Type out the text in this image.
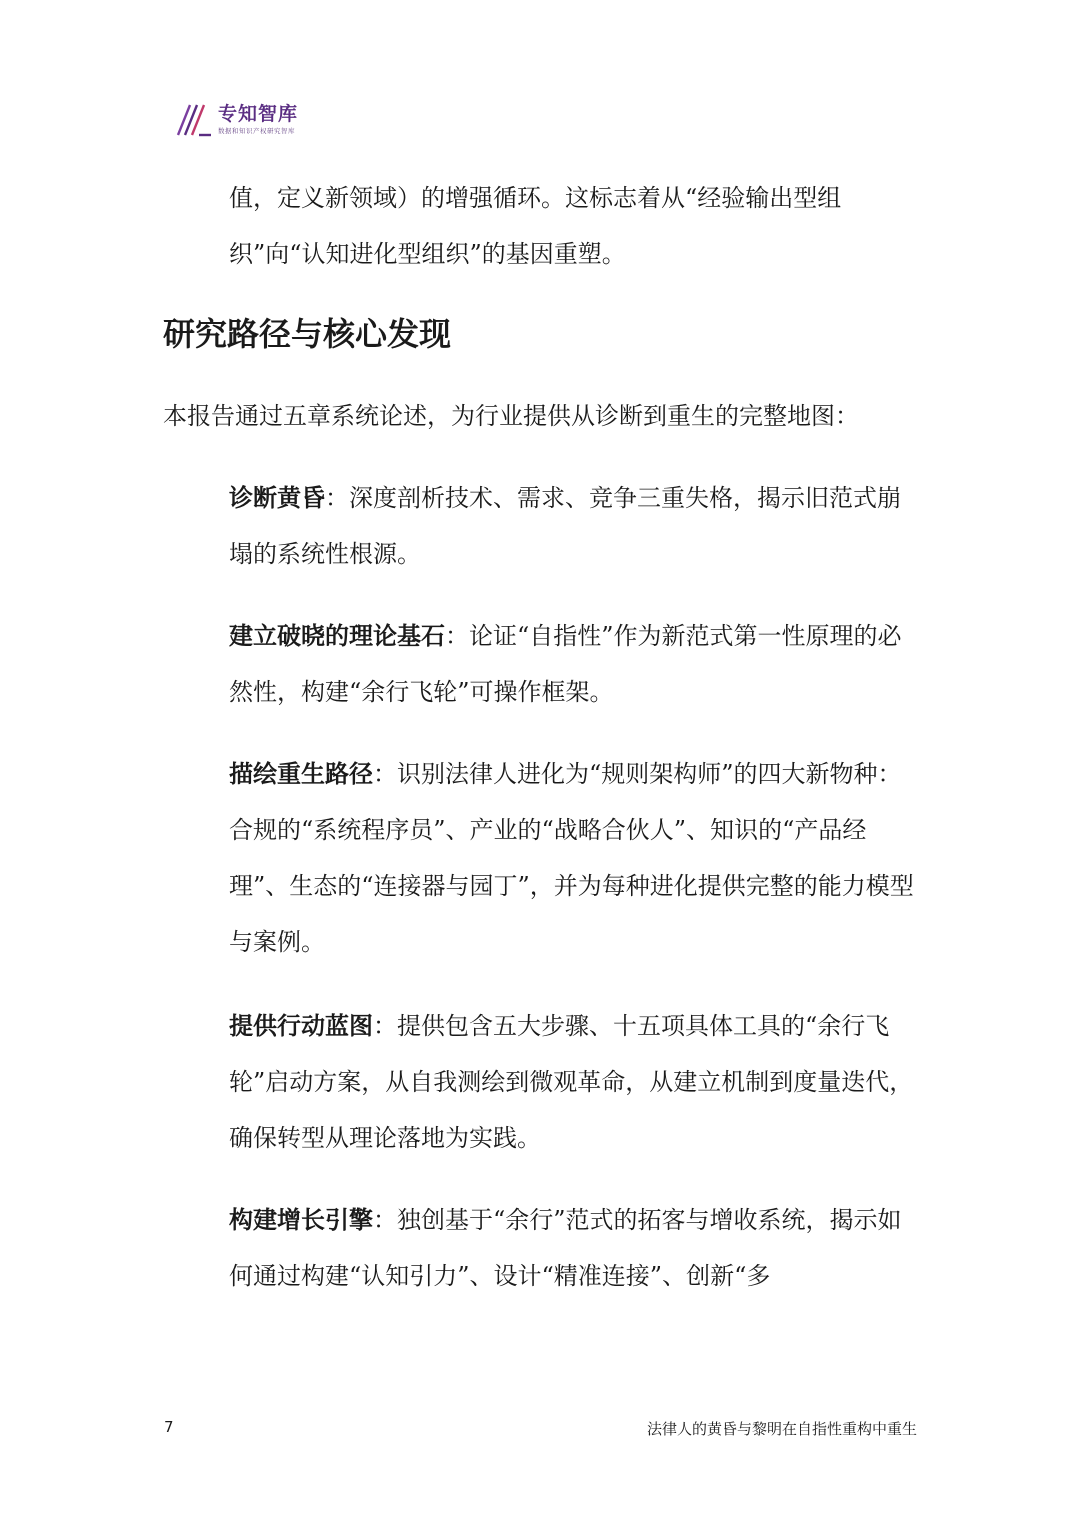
专知智库
数据和知识产权研究智库

值，定义新领域）的增强循环。这标志着从“经验输出型组织”向“认知进化型组织”的基因重塑。

研究路径与核心发现

本报告通过五章系统论述，为行业提供从诊断到重生的完整地图：

诊断黄昏：深度剖析技术、需求、竞争三重失格，揭示旧范式崩塌的系统性根源。

建立破晓的理论基石：论证“自指性”作为新范式第一性原理的必然性，构建“余行飞轮”可操作框架。

描绘重生路径：识别法律人进化为“规则架构师”的四大新物种：合规的“系统程序员”、产业的“战略合伙人”、知识的“产品经理”、生态的“连接器与园丁”，并为每种进化提供完整的能力模型与案例。

提供行动蓝图：提供包含五大步骤、十五项具体工具的“余行飞轮”启动方案，从自我测绘到微观革命，从建立机制到度量迭代，确保转型从理论落地为实践。

构建增长引擎：独创基于“余行”范式的拓客与增收系统，揭示如何通过构建“认知引力”、设计“精准连接”、创新“多

7	法律人的黄昏与黎明在自指性重构中重生
